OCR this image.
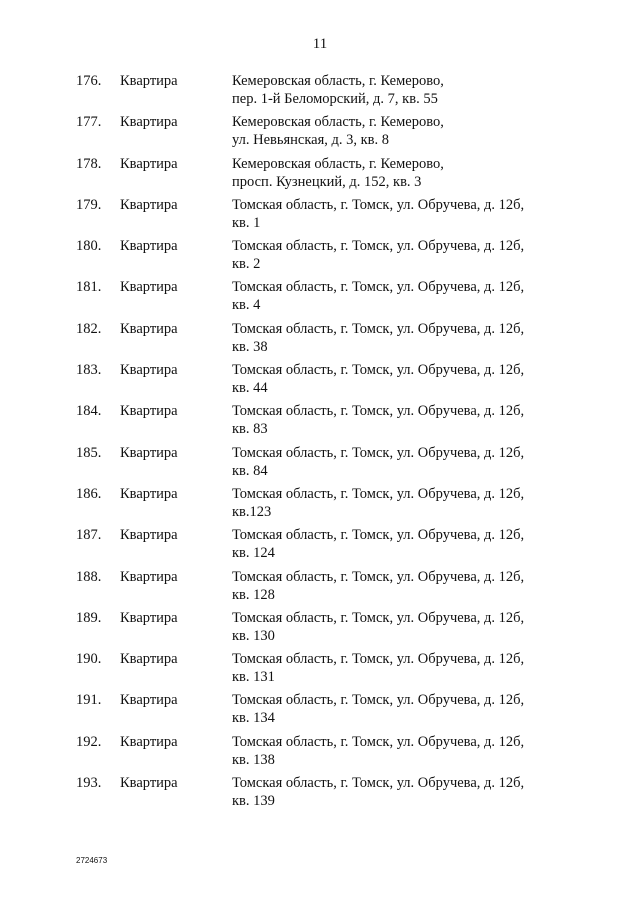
11
176. Квартира	Кемеровская область, г. Кемерово,
пер. 1-й Беломорский, д. 7, кв. 55
177. Квартира	Кемеровская область, г. Кемерово,
ул. Невьянская, д. 3, кв. 8
178. Квартира	Кемеровская область, г. Кемерово,
просп. Кузнецкий, д. 152, кв. 3
179. Квартира	Томская область, г. Томск, ул. Обручева, д. 12б,
кв. 1
180. Квартира	Томская область, г. Томск, ул. Обручева, д. 12б,
кв. 2
181. Квартира	Томская область, г. Томск, ул. Обручева, д. 12б,
кв. 4
182. Квартира	Томская область, г. Томск, ул. Обручева, д. 12б,
кв. 38
183. Квартира	Томская область, г. Томск, ул. Обручева, д. 12б,
кв. 44
184. Квартира	Томская область, г. Томск, ул. Обручева, д. 12б,
кв. 83
185. Квартира	Томская область, г. Томск, ул. Обручева, д. 12б,
кв. 84
186. Квартира	Томская область, г. Томск, ул. Обручева, д. 12б,
кв.123
187. Квартира	Томская область, г. Томск, ул. Обручева, д. 12б,
кв. 124
188. Квартира	Томская область, г. Томск, ул. Обручева, д. 12б,
кв. 128
189. Квартира	Томская область, г. Томск, ул. Обручева, д. 12б,
кв. 130
190. Квартира	Томская область, г. Томск, ул. Обручева, д. 12б,
кв. 131
191. Квартира	Томская область, г. Томск, ул. Обручева, д. 12б,
кв. 134
192. Квартира	Томская область, г. Томск, ул. Обручева, д. 12б,
кв. 138
193. Квартира	Томская область, г. Томск, ул. Обручева, д. 12б,
кв. 139
2724673
